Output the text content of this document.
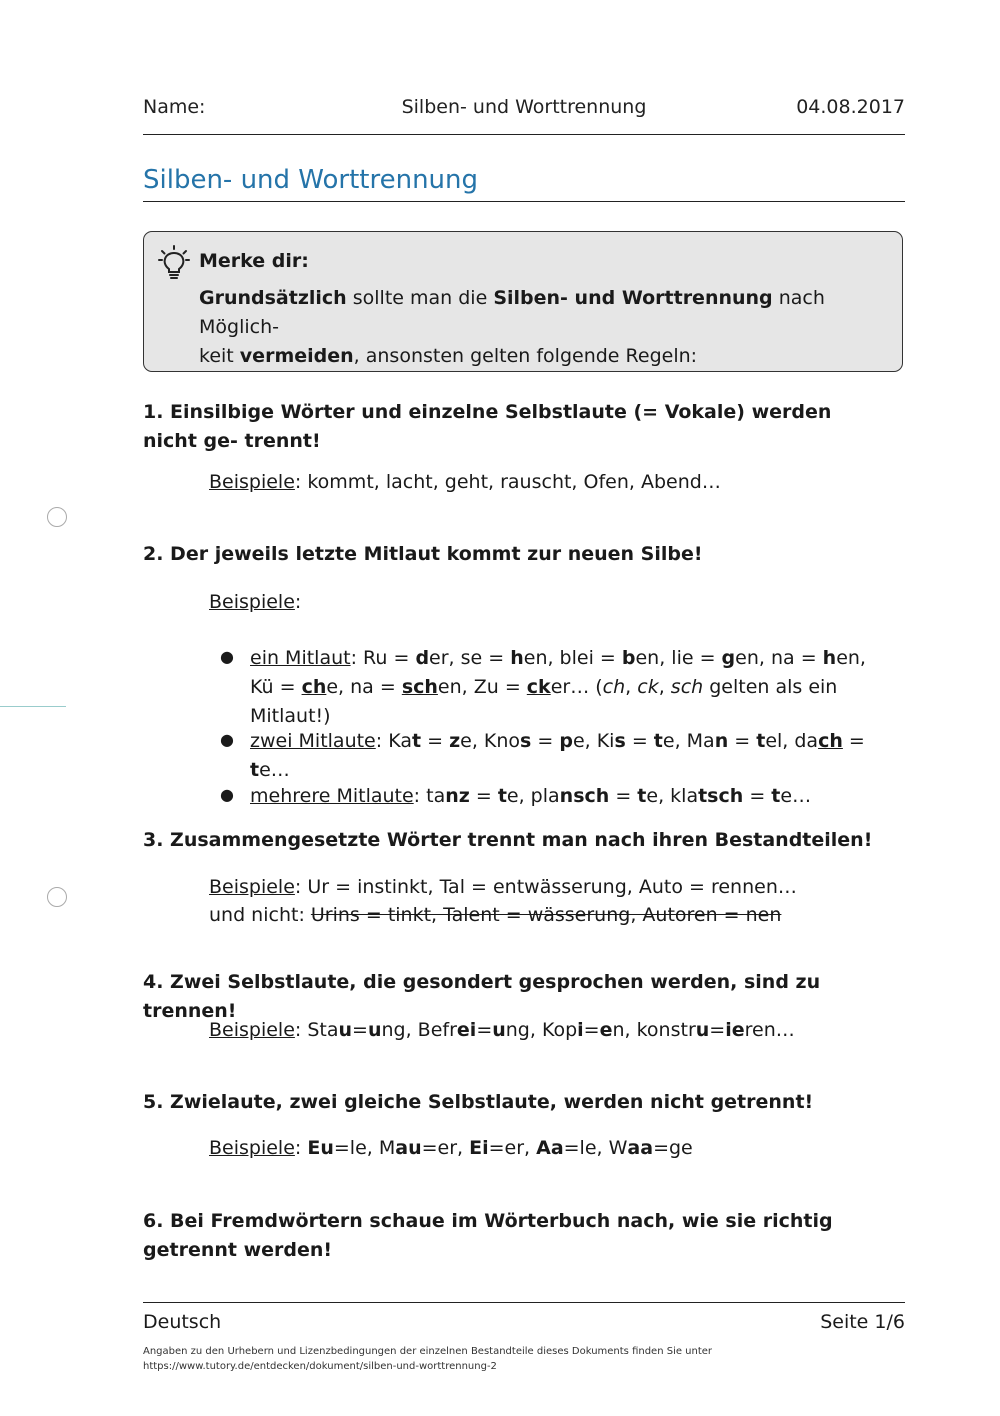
Name:	Silben- und Worttrennung	04.08.2017
Silben- und Worttrennung
Merke dir:
Grundsätzlich sollte man die Silben- und Worttrennung nach Möglich-
keit vermeiden, ansonsten gelten folgende Regeln:
1. Einsilbige Wörter und einzelne Selbstlaute (= Vokale) werden nicht ge- trennt!
Beispiele: kommt, lacht, geht, rauscht, Ofen, Abend…
2. Der jeweils letzte Mitlaut kommt zur neuen Silbe!
Beispiele:
● ein Mitlaut: Ru = der, se = hen, blei = ben, lie = gen, na = hen, Kü = che, na = schen, Zu = cker… (ch, ck, sch gelten als ein Mitlaut!)
● zwei Mitlaute: Kat = ze, Knos = pe, Kis = te, Man = tel, dach = te…
● mehrere Mitlaute: tanz = te, plansch = te, klatsch = te…
3. Zusammengesetzte Wörter trennt man nach ihren Bestandteilen!
Beispiele: Ur = instinkt, Tal = entwässerung, Auto = rennen…
und nicht: Urins = tinkt, Talent = wässerung, Autoren = nen
4. Zwei Selbstlaute, die gesondert gesprochen werden, sind zu trennen!
Beispiele: Stau=ung, Befrei=ung, Kopi=en, konstru=ieren…
5. Zwielaute, zwei gleiche Selbstlaute, werden nicht getrennt!
Beispiele: Eu=le, Mau=er, Ei=er, Aa=le, Waa=ge
6. Bei Fremdwörtern schaue im Wörterbuch nach, wie sie richtig getrennt werden!
Deutsch	Seite 1/6
Angaben zu den Urhebern und Lizenzbedingungen der einzelnen Bestandteile dieses Dokuments finden Sie unter
https://www.tutory.de/entdecken/dokument/silben-und-worttrennung-2
